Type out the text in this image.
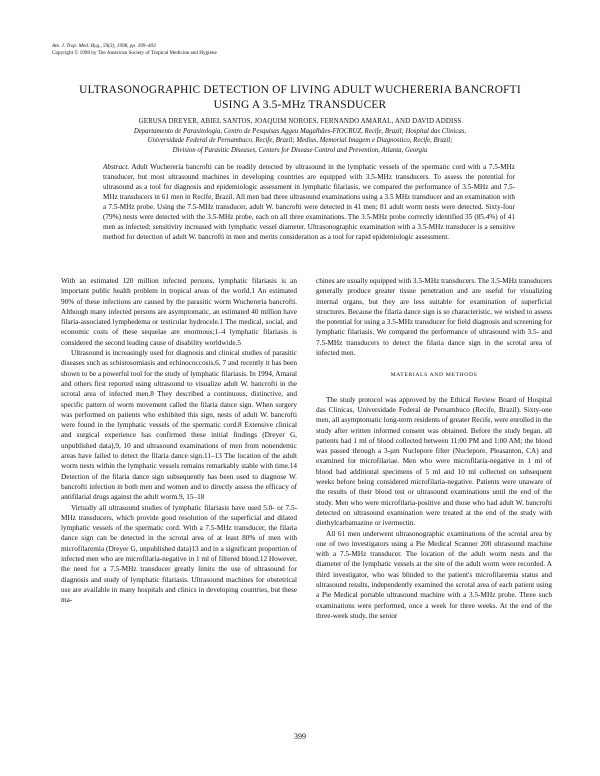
Am. J. Trop. Med. Hyg., 59(3), 1998, pp. 399–403
Copyright © 1998 by The American Society of Tropical Medicine and Hygiene
ULTRASONOGRAPHIC DETECTION OF LIVING ADULT WUCHERERIA BANCROFTI
USING A 3.5-MHz TRANSDUCER
GERUSA DREYER, ABIEL SANTOS, JOAQUIM NOROES, FERNANDO AMARAL, AND DAVID ADDISS
Departamento de Parasitologia, Centro de Pesquisas Aggeu Magalhães-FIOCRUZ, Recife, Brazil; Hospital das Clinicas,
Universidade Federal de Pernambuco, Recife, Brazil; Medius, Memorial Imagem e Diagnostico, Recife, Brazil;
Division of Parasitic Diseases, Centers for Disease Control and Prevention, Atlanta, Georgia
Abstract. Adult Wuchereria bancrofti can be readily detected by ultrasound in the lymphatic vessels of the spermatic cord with a 7.5-MHz transducer, but most ultrasound machines in developing countries are equipped with 3.5-MHz transducers. To assess the potential for ultrasound as a tool for diagnosis and epidemiologic assessment in lymphatic filariasis, we compared the performance of 3.5-MHz and 7.5-MHz transducers in 61 men in Recife, Brazil. All men had three ultrasound examinations using a 3.5 MHz transducer and an examination with a 7.5-MHz probe. Using the 7.5-MHz transducer, adult W. bancrofti were detected in 41 men; 81 adult worm nests were detected. Sixty-four (79%) nests were detected with the 3.5-MHz probe, each on all three examinations. The 3.5-MHz probe correctly identified 35 (85.4%) of 41 men as infected; sensitivity increased with lymphatic vessel diameter. Ultrasonographic examination with a 3.5-MHz transducer is a sensitive method for detection of adult W. bancrofti in men and merits consideration as a tool for rapid epidemiologic assessment.

With an estimated 120 million infected persons, lymphatic filariasis is an important public health problem in tropical areas of the world.1 An estimated 90% of these infections are caused by the parasitic worm Wuchereria bancrofti. Although many infected persons are asymptomatic, an estimated 40 million have filaria-associated lymphedema or testicular hydrocele.1 The medical, social, and economic costs of these sequelae are enormous;1–4 lymphatic filariasis is considered the second leading cause of disability worldwide.5

Ultrasound is increasingly used for diagnosis and clinical studies of parasitic diseases such as schistosomiasis and echinococcosis,6, 7 and recently it has been shown to be a powerful tool for the study of lymphatic filariasis. In 1994, Amaral and others first reported using ultrasound to visualize adult W. bancrofti in the scrotal area of infected men.8 They described a continuous, distinctive, and specific pattern of worm movement called the filaria dance sign. When surgery was performed on patients who exhibited this sign, nests of adult W. bancrofti were found in the lymphatic vessels of the spermatic cord.8 Extensive clinical and surgical experience has confirmed these initial findings (Dreyer G, unpublished data),9, 10 and ultrasound examinations of men from nonendemic areas have failed to detect the filaria dance sign.11–13 The location of the adult worm nests within the lymphatic vessels remains remarkably stable with time.14 Detection of the filaria dance sign subsequently has been used to diagnose W. bancrofti infection in both men and women and to directly assess the efficacy of antifilarial drugs against the adult worm.9, 15–18

Virtually all ultrasound studies of lymphatic filariasis have used 5.0- or 7.5-MHz transducers, which provide good resolution of the superficial and dilated lymphatic vessels of the spermatic cord. With a 7.5-MHz transducer, the filaria dance sign can be detected in the scrotal area of at least 80% of men with microfilaremia (Dreyer G, unpublished data)13 and in a significant proportion of infected men who are microfilaria-negative in 1 ml of filtered blood.12 However, the need for a 7.5-MHz transducer greatly limits the use of ultrasound for diagnosis and study of lymphatic filariasis. Ultrasound machines for obstetrical use are available in many hospitals and clinics in developing countries, but these ma-

chines are usually equipped with 3.5-MHz transducers. The 3.5-MHz transducers generally produce greater tissue penetration and are useful for visualizing internal organs, but they are less suitable for examination of superficial structures. Because the filaria dance sign is so characteristic, we wished to assess the potential for using a 3.5-MHz transducer for field diagnosis and screening for lymphatic filariasis. We compared the performance of ultrasound with 3.5- and 7.5-MHz transducers to detect the filaria dance sign in the scrotal area of infected men.

MATERIALS AND METHODS

The study protocol was approved by the Ethical Review Board of Hospital das Clinicas, Universidade Federal de Pernambuco (Recife, Brazil). Sixty-one men, all asymptomatic long-term residents of greater Recife, were enrolled in the study after written informed consent was obtained. Before the study began, all patients had 1 ml of blood collected between 11:00 PM and 1:00 AM; the blood was passed through a 3-μm Nuclepore filter (Nuclepore, Pleasanton, CA) and examined for microfilariae. Men who were microfilaria-negative in 1 ml of blood had additional specimens of 5 ml and 10 ml collected on subsequent weeks before being considered microfilaria-negative. Patients were unaware of the results of their blood test or ultrasound examinations until the end of the study. Men who were microfilaria-positive and those who had adult W. bancrofti detected on ultrasound examination were treated at the end of the study with diethylcarbamazine or ivermectin.

All 61 men underwent ultrasonographic examinations of the scrotal area by one of two investigators using a Pie Medical Scanner 200 ultrasound machine with a 7.5-MHz transducer. The location of the adult worm nests and the diameter of the lymphatic vessels at the site of the adult worm were recorded. A third investigator, who was blinded to the patient's microfilaremia status and ultrasound results, independently examined the scrotal area of each patient using a Pie Medical portable ultrasound machine with a 3.5-MHz probe. Three such examinations were performed, once a week for three weeks. At the end of the three-week study, the senior

399
